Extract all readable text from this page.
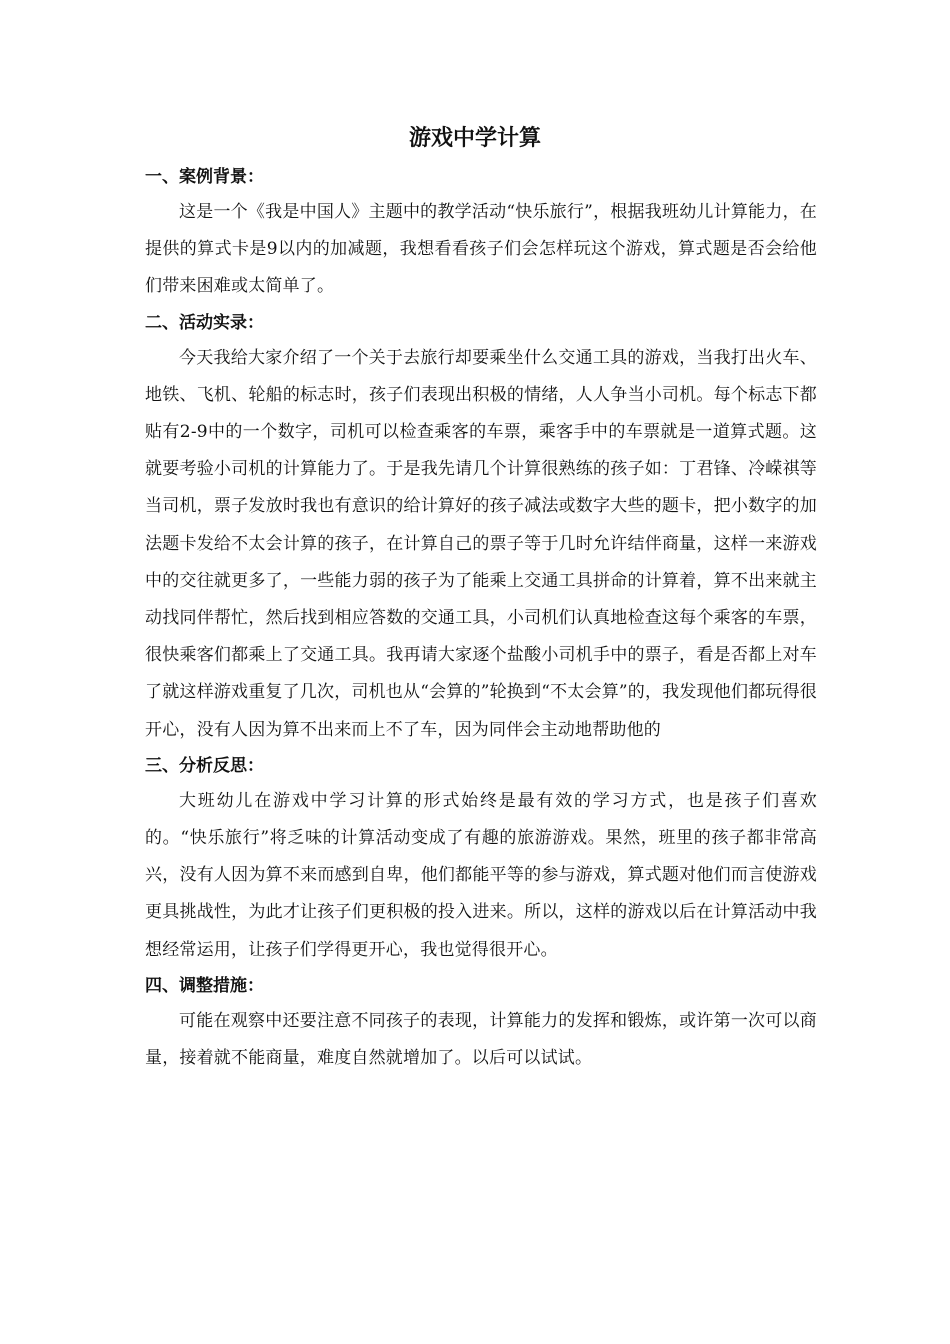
游戏中学计算

一、案例背景：

这是一个《我是中国人》主题中的教学活动“快乐旅行”，根据我班幼儿计算能力，在提供的算式卡是9以内的加减题，我想看看孩子们会怎样玩这个游戏，算式题是否会给他们带来困难或太简单了。

二、活动实录：

今天我给大家介绍了一个关于去旅行却要乘坐什么交通工具的游戏，当我打出火车、地铁、飞机、轮船的标志时，孩子们表现出积极的情绪，人人争当小司机。每个标志下都贴有2-9中的一个数字，司机可以检查乘客的车票，乘客手中的车票就是一道算式题。这就要考验小司机的计算能力了。于是我先请几个计算很熟练的孩子如：丁君锋、冷嵘祺等当司机，票子发放时我也有意识的给计算好的孩子减法或数字大些的题卡，把小数字的加法题卡发给不太会计算的孩子，在计算自己的票子等于几时允许结伴商量，这样一来游戏中的交往就更多了，一些能力弱的孩子为了能乘上交通工具拼命的计算着，算不出来就主动找同伴帮忙，然后找到相应答数的交通工具，小司机们认真地检查这每个乘客的车票，很快乘客们都乘上了交通工具。我再请大家逐个盐酸小司机手中的票子，看是否都上对车了就这样游戏重复了几次，司机也从“会算的”轮换到“不太会算”的，我发现他们都玩得很开心，没有人因为算不出来而上不了车，因为同伴会主动地帮助他的

三、分析反思：

大班幼儿在游戏中学习计算的形式始终是最有效的学习方式，也是孩子们喜欢的。“快乐旅行”将乏味的计算活动变成了有趣的旅游游戏。果然，班里的孩子都非常高兴，没有人因为算不来而感到自卑，他们都能平等的参与游戏，算式题对他们而言使游戏更具挑战性，为此才让孩子们更积极的投入进来。所以，这样的游戏以后在计算活动中我想经常运用，让孩子们学得更开心，我也觉得很开心。

四、调整措施：

可能在观察中还要注意不同孩子的表现，计算能力的发挥和锻炼，或许第一次可以商量，接着就不能商量，难度自然就增加了。以后可以试试。
